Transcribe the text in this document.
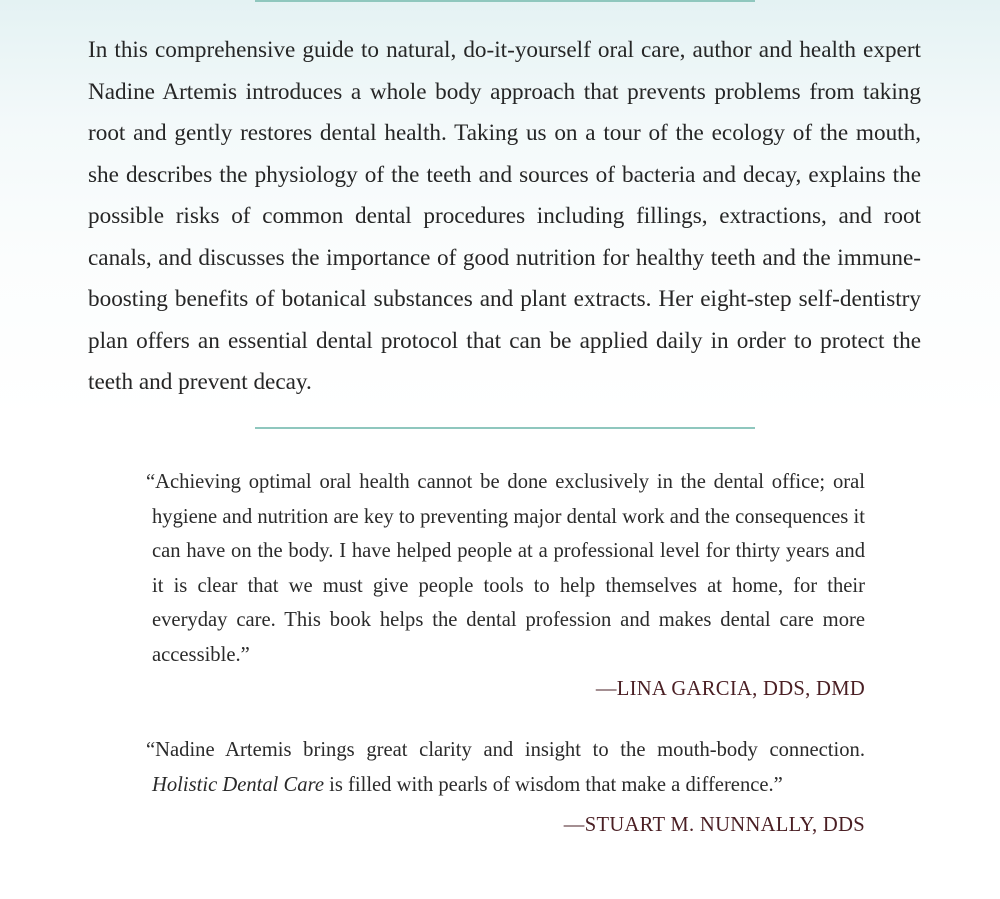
In this comprehensive guide to natural, do-it-yourself oral care, author and health expert Nadine Artemis introduces a whole body approach that prevents problems from taking root and gently restores dental health. Taking us on a tour of the ecology of the mouth, she describes the physiology of the teeth and sources of bacteria and decay, explains the possible risks of common dental procedures including fillings, extractions, and root canals, and discusses the importance of good nutrition for healthy teeth and the immune-boosting benefits of botanical substances and plant extracts. Her eight-step self-dentistry plan offers an essential dental protocol that can be applied daily in order to protect the teeth and prevent decay.

“Achieving optimal oral health cannot be done exclusively in the dental office; oral hygiene and nutrition are key to preventing major dental work and the consequences it can have on the body. I have helped people at a professional level for thirty years and it is clear that we must give people tools to help themselves at home, for their everyday care. This book helps the dental profession and makes dental care more accessible.”

—LINA GARCIA, DDS, DMD

“Nadine Artemis brings great clarity and insight to the mouth-body connection. Holistic Dental Care is filled with pearls of wisdom that make a difference.”

—STUART M. NUNNALLY, DDS
